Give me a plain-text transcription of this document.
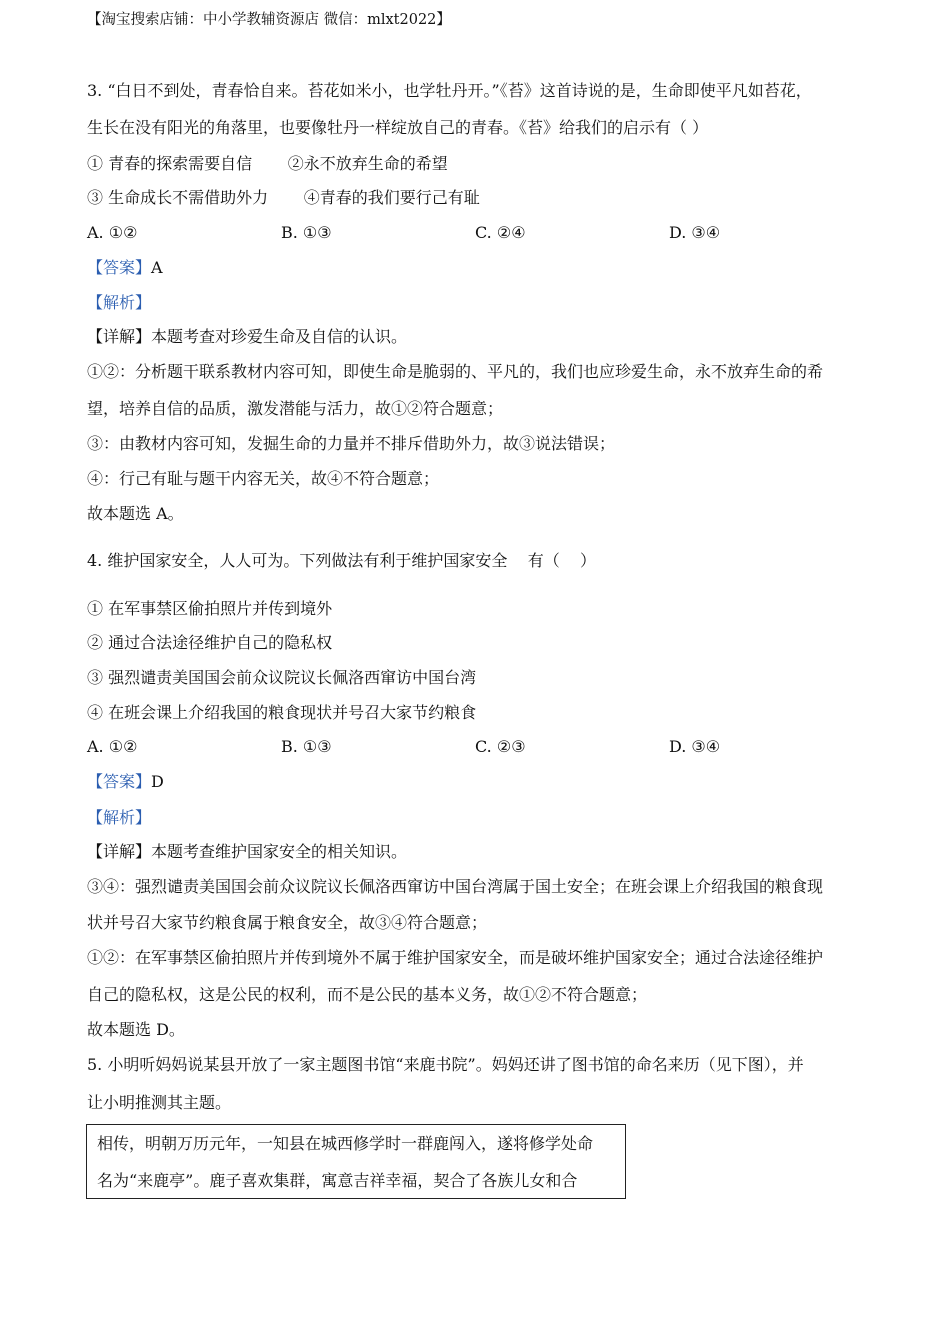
【淘宝搜索店铺：中小学教辅资源店 微信：mlxt2022】
3. “白日不到处，青春恰自来。苔花如米小，也学牡丹开。”《苔》这首诗说的是，生命即使平凡如苔花，
生长在没有阳光的角落里，也要像牡丹一样绽放自己的青春。《苔》给我们的启示有（ ）
① 青春的探索需要自信       ②永不放弃生命的希望
③ 生命成长不需借助外力       ④青春的我们要行己有耻
A. ①②	B. ①③	C. ②④	D. ③④
【答案】A
【解析】
【详解】本题考查对珍爱生命及自信的认识。
①②：分析题干联系教材内容可知，即使生命是脆弱的、平凡的，我们也应珍爱生命，永不放弃生命的希
望，培养自信的品质，激发潜能与活力，故①②符合题意；
③：由教材内容可知，发掘生命的力量并不排斥借助外力，故③说法错误；
④：行己有耻与题干内容无关，故④不符合题意；
故本题选 A。
4. 维护国家安全，人人可为。下列做法有利于维护国家安全    有（    ）
① 在军事禁区偷拍照片并传到境外
② 通过合法途径维护自己的隐私权
③ 强烈谴责美国国会前众议院议长佩洛西窜访中国台湾
④ 在班会课上介绍我国的粮食现状并号召大家节约粮食
A. ①②	B. ①③	C. ②③	D. ③④
【答案】D
【解析】
【详解】本题考查维护国家安全的相关知识。
③④：强烈谴责美国国会前众议院议长佩洛西窜访中国台湾属于国土安全；在班会课上介绍我国的粮食现
状并号召大家节约粮食属于粮食安全，故③④符合题意；
①②：在军事禁区偷拍照片并传到境外不属于维护国家安全，而是破坏维护国家安全；通过合法途径维护
自己的隐私权，这是公民的权利，而不是公民的基本义务，故①②不符合题意；
故本题选 D。
5. 小明听妈妈说某县开放了一家主题图书馆“来鹿书院”。妈妈还讲了图书馆的命名来历（见下图），并
让小明推测其主题。
相传，明朝万历元年，一知县在城西修学时一群鹿闯入，遂将修学处命
名为“来鹿亭”。鹿子喜欢集群，寓意吉祥幸福，契合了各族儿女和合
